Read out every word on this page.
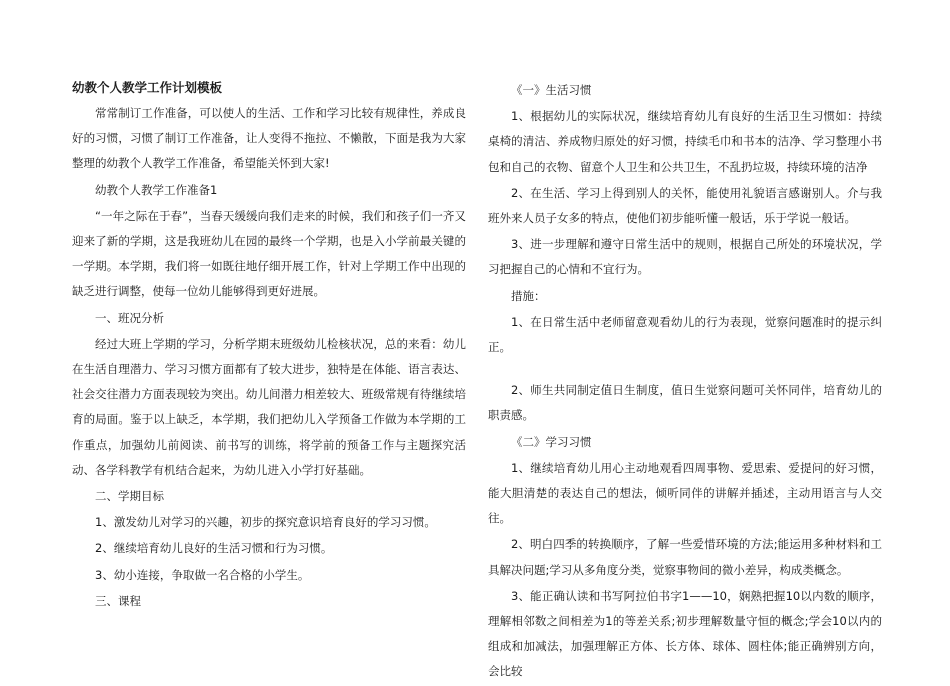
幼教个人教学工作计划模板

常常制订工作准备，可以使人的生活、工作和学习比较有规律性，养成良好的习惯，习惯了制订工作准备，让人变得不拖拉、不懒散，下面是我为大家整理的幼教个人教学工作准备，希望能关怀到大家!

幼教个人教学工作准备1

“一年之际在于春”，当春天缓缓向我们走来的时候，我们和孩子们一齐又迎来了新的学期，这是我班幼儿在园的最终一个学期，也是入小学前最关键的一学期。本学期，我们将一如既往地仔细开展工作，针对上学期工作中出现的缺乏进行调整，使每一位幼儿能够得到更好进展。

一、班况分析

经过大班上学期的学习，分析学期末班级幼儿检核状况，总的来看：幼儿在生活自理潜力、学习习惯方面都有了较大进步，独特是在体能、语言表达、社会交往潜力方面表现较为突出。幼儿间潜力相差较大、班级常规有待继续培育的局面。鉴于以上缺乏，本学期，我们把幼儿入学预备工作做为本学期的工作重点，加强幼儿前阅读、前书写的训练，将学前的预备工作与主题探究活动、各学科教学有机结合起来，为幼儿进入小学打好基础。

二、学期目标

1、激发幼儿对学习的兴趣，初步的探究意识培育良好的学习习惯。

2、继续培育幼儿良好的生活习惯和行为习惯。

3、幼小连接，争取做一名合格的小学生。

三、课程

《一》生活习惯

1、根据幼儿的实际状况，继续培育幼儿有良好的生活卫生习惯如：持续桌椅的清洁、养成物归原处的好习惯，持续毛巾和书本的洁净、学习整理小书包和自己的衣物、留意个人卫生和公共卫生，不乱扔垃圾，持续环境的洁净

2、在生活、学习上得到别人的关怀，能使用礼貌语言感谢别人。介与我班外来人员子女多的特点，使他们初步能听懂一般话，乐于学说一般话。

3、进一步理解和遵守日常生活中的规则，根据自己所处的环境状况，学习把握自己的心情和不宜行为。

措施：

1、在日常生活中老师留意观看幼儿的行为表现，觉察问题准时的提示纠正。

2、师生共同制定值日生制度，值日生觉察问题可关怀同伴，培育幼儿的职责感。

《二》学习习惯

1、继续培育幼儿用心主动地观看四周事物、爱思索、爱提问的好习惯，能大胆清楚的表达自己的想法，倾听同伴的讲解并插述，主动用语言与人交往。

2、明白四季的转换顺序，了解一些爱惜环境的方法;能运用多种材料和工具解决问题;学习从多角度分类，觉察事物间的微小差异，构成类概念。

3、能正确认读和书写阿拉伯书字1——10，娴熟把握10以内数的顺序，理解相邻数之间相差为1的等差关系;初步理解数量守恒的概念;学会10以内的组成和加减法，加强理解正方体、长方体、球体、圆柱体;能正确辨别方向，会比较
